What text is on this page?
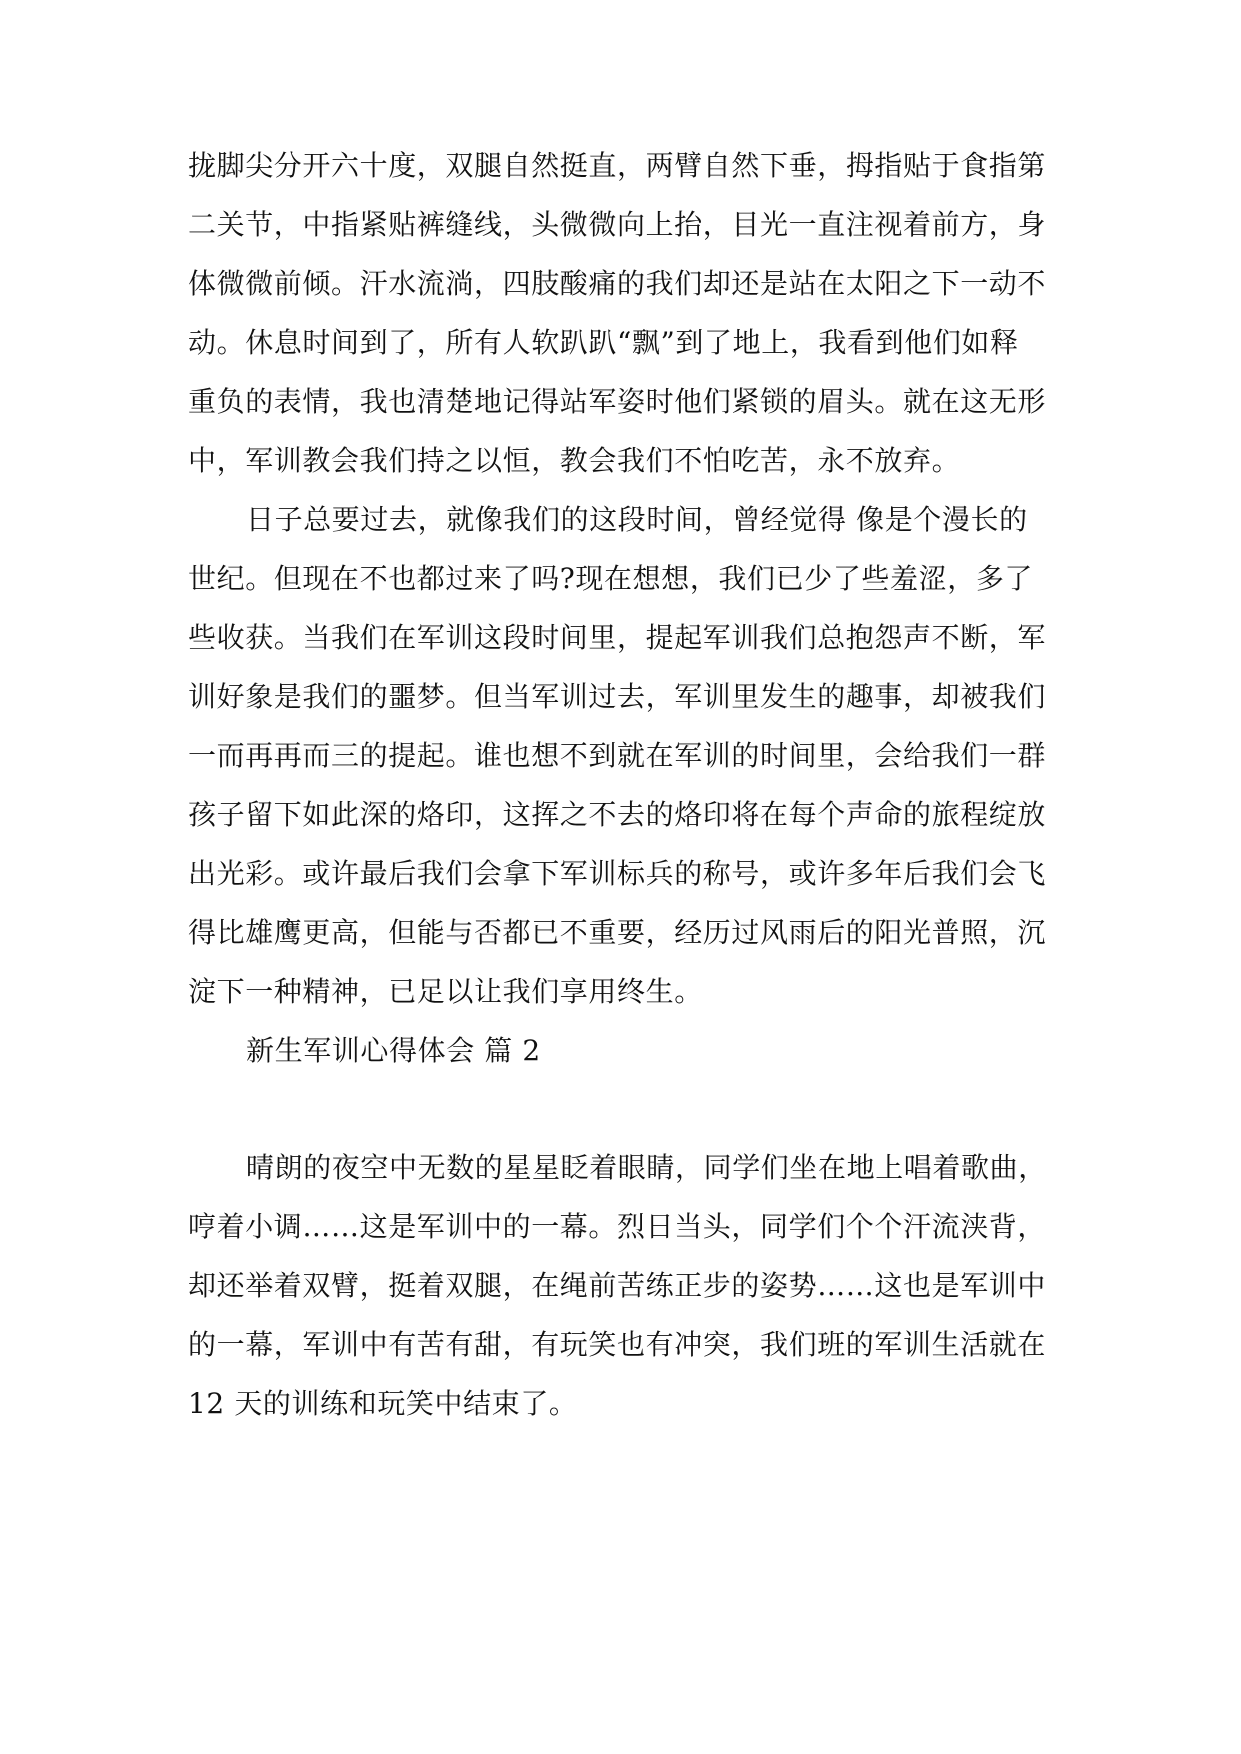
拢脚尖分开六十度，双腿自然挺直，两臂自然下垂，拇指贴于食指第
二关节，中指紧贴裤缝线，头微微向上抬，目光一直注视着前方，身
体微微前倾。汗水流淌，四肢酸痛的我们却还是站在太阳之下一动不
动。休息时间到了，所有人软趴趴“飘”到了地上，我看到他们如释
重负的表情，我也清楚地记得站军姿时他们紧锁的眉头。就在这无形
中，军训教会我们持之以恒，教会我们不怕吃苦，永不放弃。
日子总要过去，就像我们的这段时间，曾经觉得 像是个漫长的
世纪。但现在不也都过来了吗?现在想想，我们已少了些羞涩，多了
些收获。当我们在军训这段时间里，提起军训我们总抱怨声不断，军
训好象是我们的噩梦。但当军训过去，军训里发生的趣事，却被我们
一而再再而三的提起。谁也想不到就在军训的时间里，会给我们一群
孩子留下如此深的烙印，这挥之不去的烙印将在每个声命的旅程绽放
出光彩。或许最后我们会拿下军训标兵的称号，或许多年后我们会飞
得比雄鹰更高，但能与否都已不重要，经历过风雨后的阳光普照，沉
淀下一种精神，已足以让我们享用终生。
新生军训心得体会 篇 2
晴朗的夜空中无数的星星眨着眼睛，同学们坐在地上唱着歌曲，
哼着小调……这是军训中的一幕。烈日当头，同学们个个汗流浃背，
却还举着双臂，挺着双腿，在绳前苦练正步的姿势……这也是军训中
的一幕，军训中有苦有甜，有玩笑也有冲突，我们班的军训生活就在
12 天的训练和玩笑中结束了。
